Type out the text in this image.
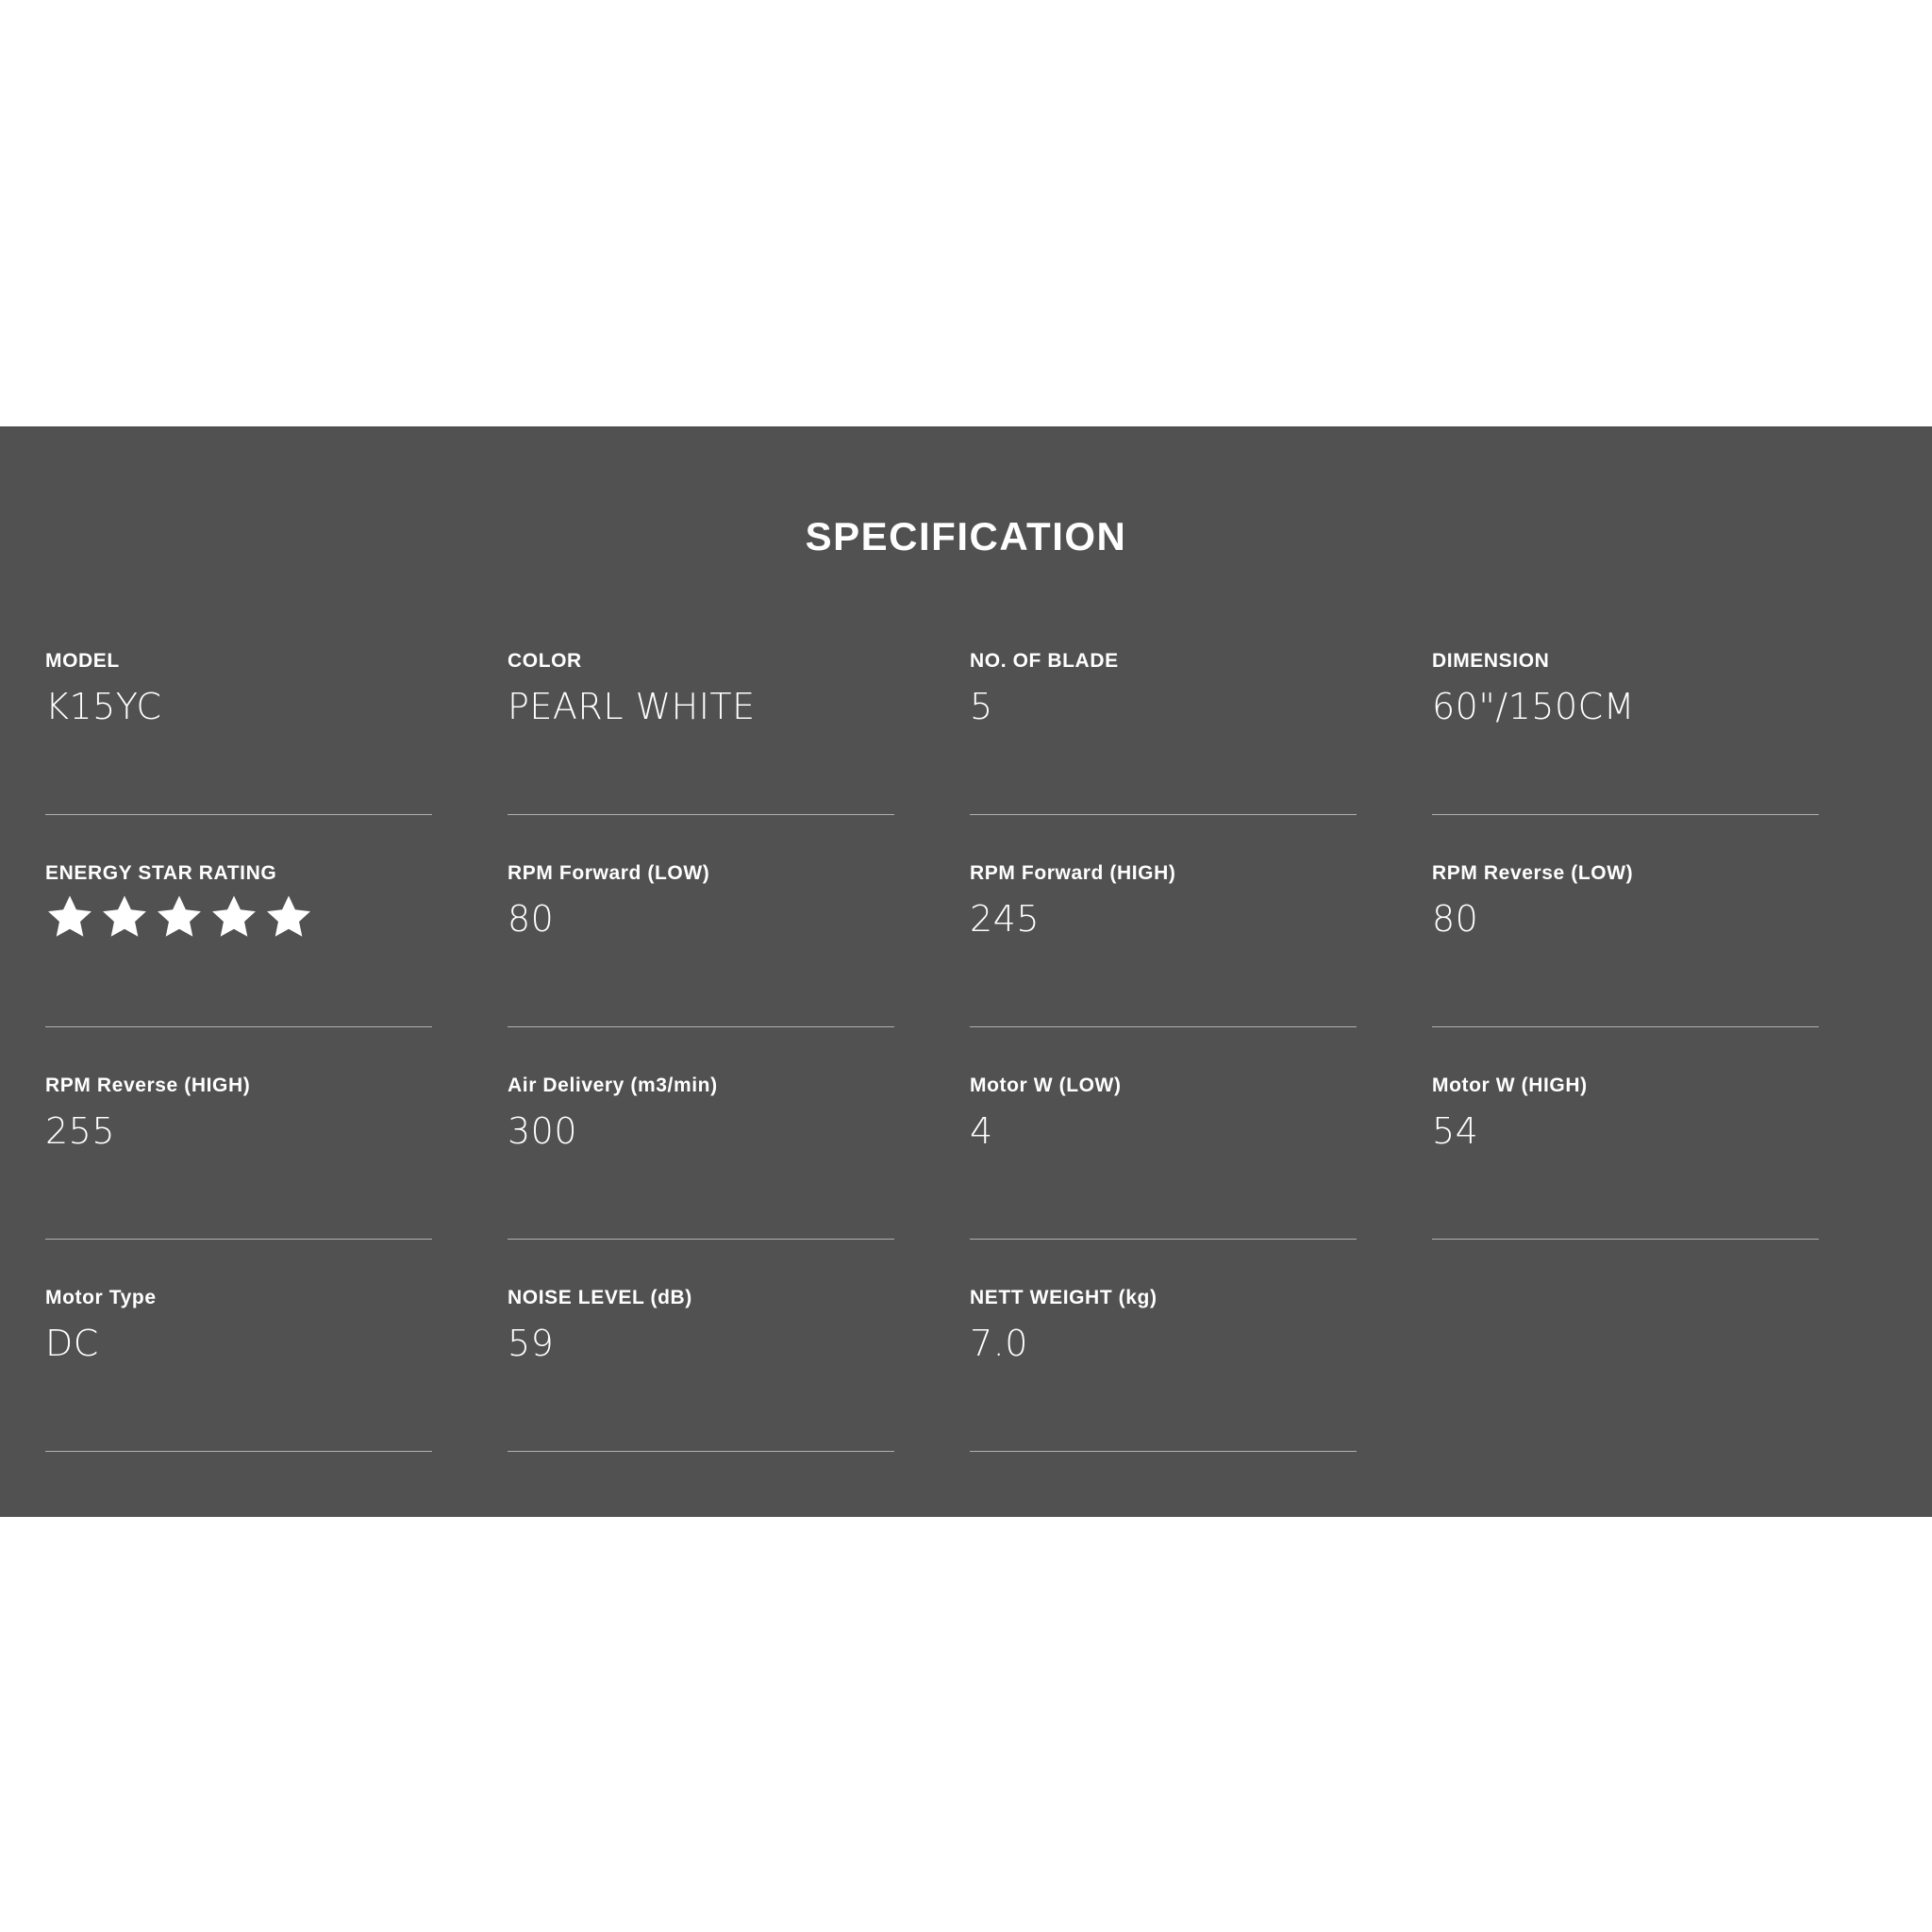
SPECIFICATION
MODEL
K15YC
COLOR
PEARL WHITE
NO. OF BLADE
5
DIMENSION
60"/150CM
ENERGY STAR RATING	RPM Forward (LOW)
80
RPM Forward (HIGH)
245
RPM Reverse (LOW)
80
RPM Reverse (HIGH)
255
Air Delivery (m3/min)
300
Motor W (LOW)
4
Motor W (HIGH)
54
Motor Type
DC
NOISE LEVEL (dB)
59
NETT WEIGHT (kg)
7.0
